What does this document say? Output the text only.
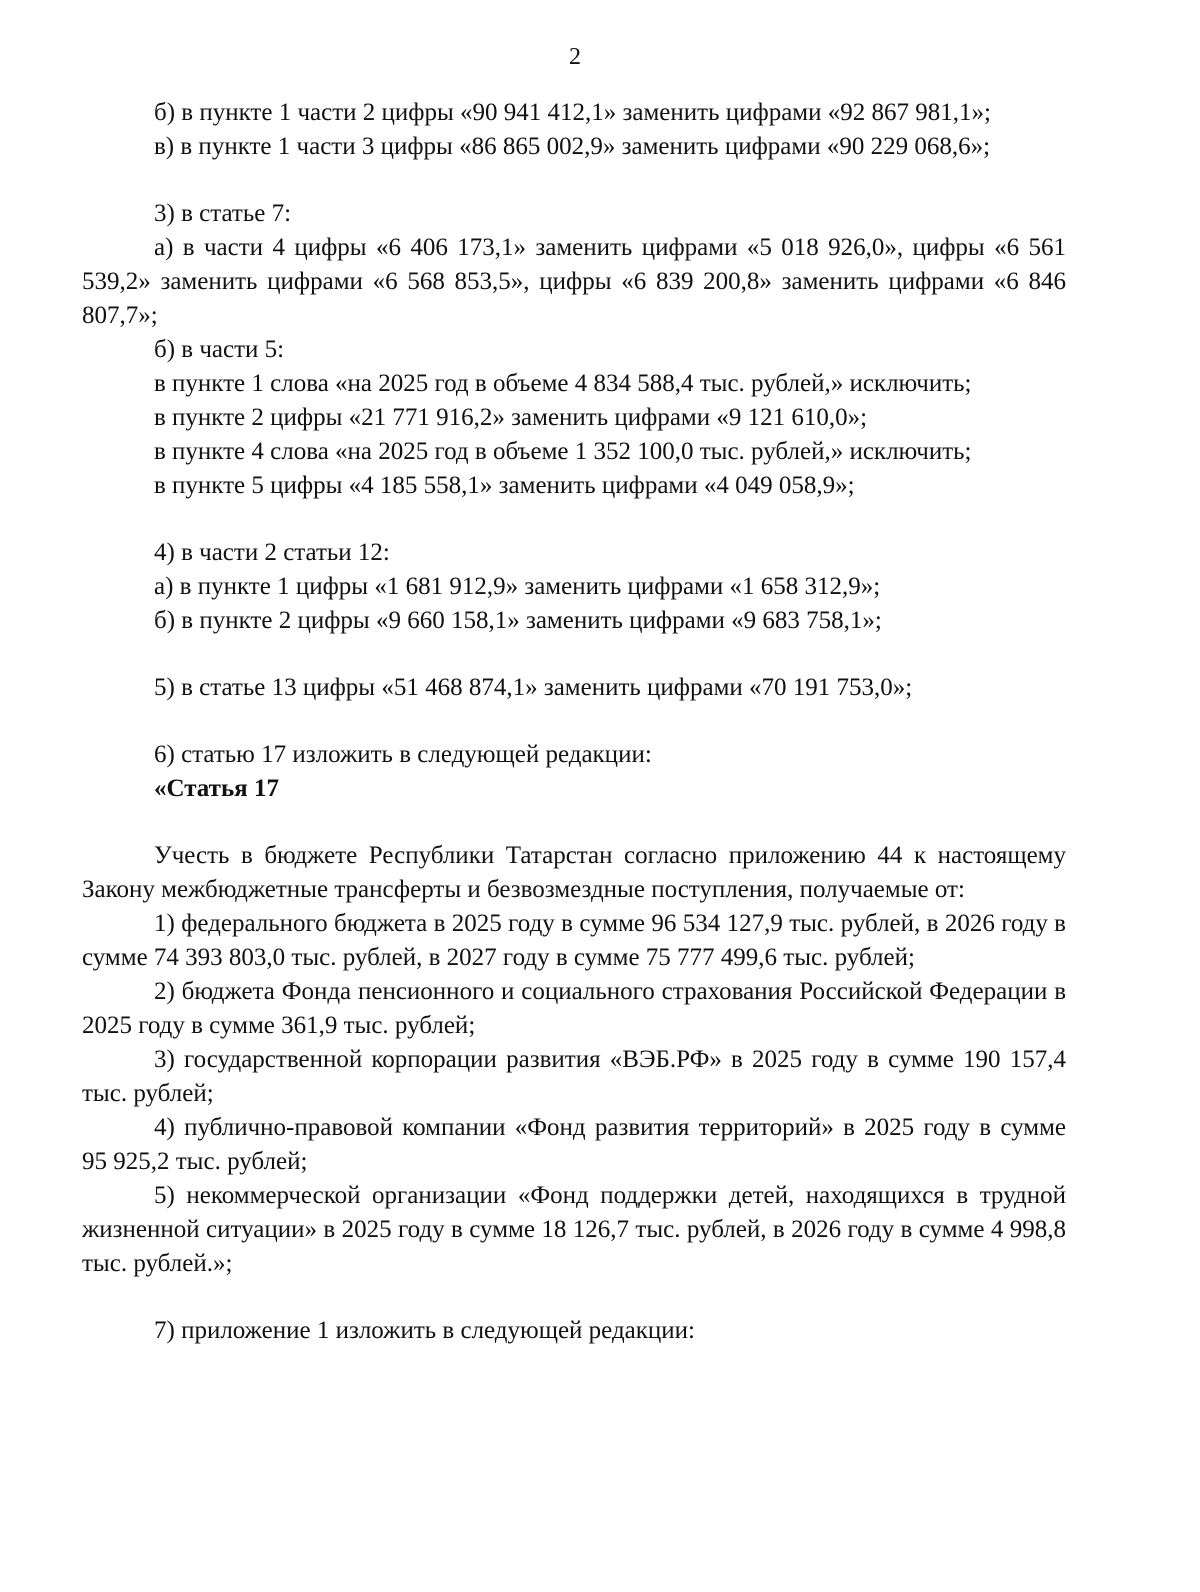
2

б) в пункте 1 части 2 цифры «90 941 412,1» заменить цифрами «92 867 981,1»;

в) в пункте 1 части 3 цифры «86 865 002,9» заменить цифрами «90 229 068,6»;

3) в статье 7:

а) в части 4 цифры «6 406 173,1» заменить цифрами «5 018 926,0», цифры «6 561 539,2» заменить цифрами «6 568 853,5», цифры «6 839 200,8» заменить цифрами «6 846 807,7»;

б) в части 5:

в пункте 1 слова «на 2025 год в объеме 4 834 588,4 тыс. рублей,» исключить;

в пункте 2 цифры «21 771 916,2» заменить цифрами «9 121 610,0»;

в пункте 4 слова «на 2025 год в объеме 1 352 100,0 тыс. рублей,» исключить;

в пункте 5 цифры «4 185 558,1» заменить цифрами «4 049 058,9»;

4) в части 2 статьи 12:

а) в пункте 1 цифры «1 681 912,9» заменить цифрами «1 658 312,9»;

б) в пункте 2 цифры «9 660 158,1» заменить цифрами «9 683 758,1»;

5) в статье 13 цифры «51 468 874,1» заменить цифрами «70 191 753,0»;

6) статью 17 изложить в следующей редакции:

«Статья 17

Учесть в бюджете Республики Татарстан согласно приложению 44 к настоящему Закону межбюджетные трансферты и безвозмездные поступления, получаемые от:

1) федерального бюджета в 2025 году в сумме 96 534 127,9 тыс. рублей, в 2026 году в сумме 74 393 803,0 тыс. рублей, в 2027 году в сумме 75 777 499,6 тыс. рублей;

2) бюджета Фонда пенсионного и социального страхования Российской Федерации в 2025 году в сумме 361,9 тыс. рублей;

3) государственной корпорации развития «ВЭБ.РФ» в 2025 году в сумме 190 157,4 тыс. рублей;

4) публично-правовой компании «Фонд развития территорий» в 2025 году в сумме 95 925,2 тыс. рублей;

5) некоммерческой организации «Фонд поддержки детей, находящихся в трудной жизненной ситуации» в 2025 году в сумме 18 126,7 тыс. рублей, в 2026 году в сумме 4 998,8 тыс. рублей.»;

7) приложение 1 изложить в следующей редакции:
